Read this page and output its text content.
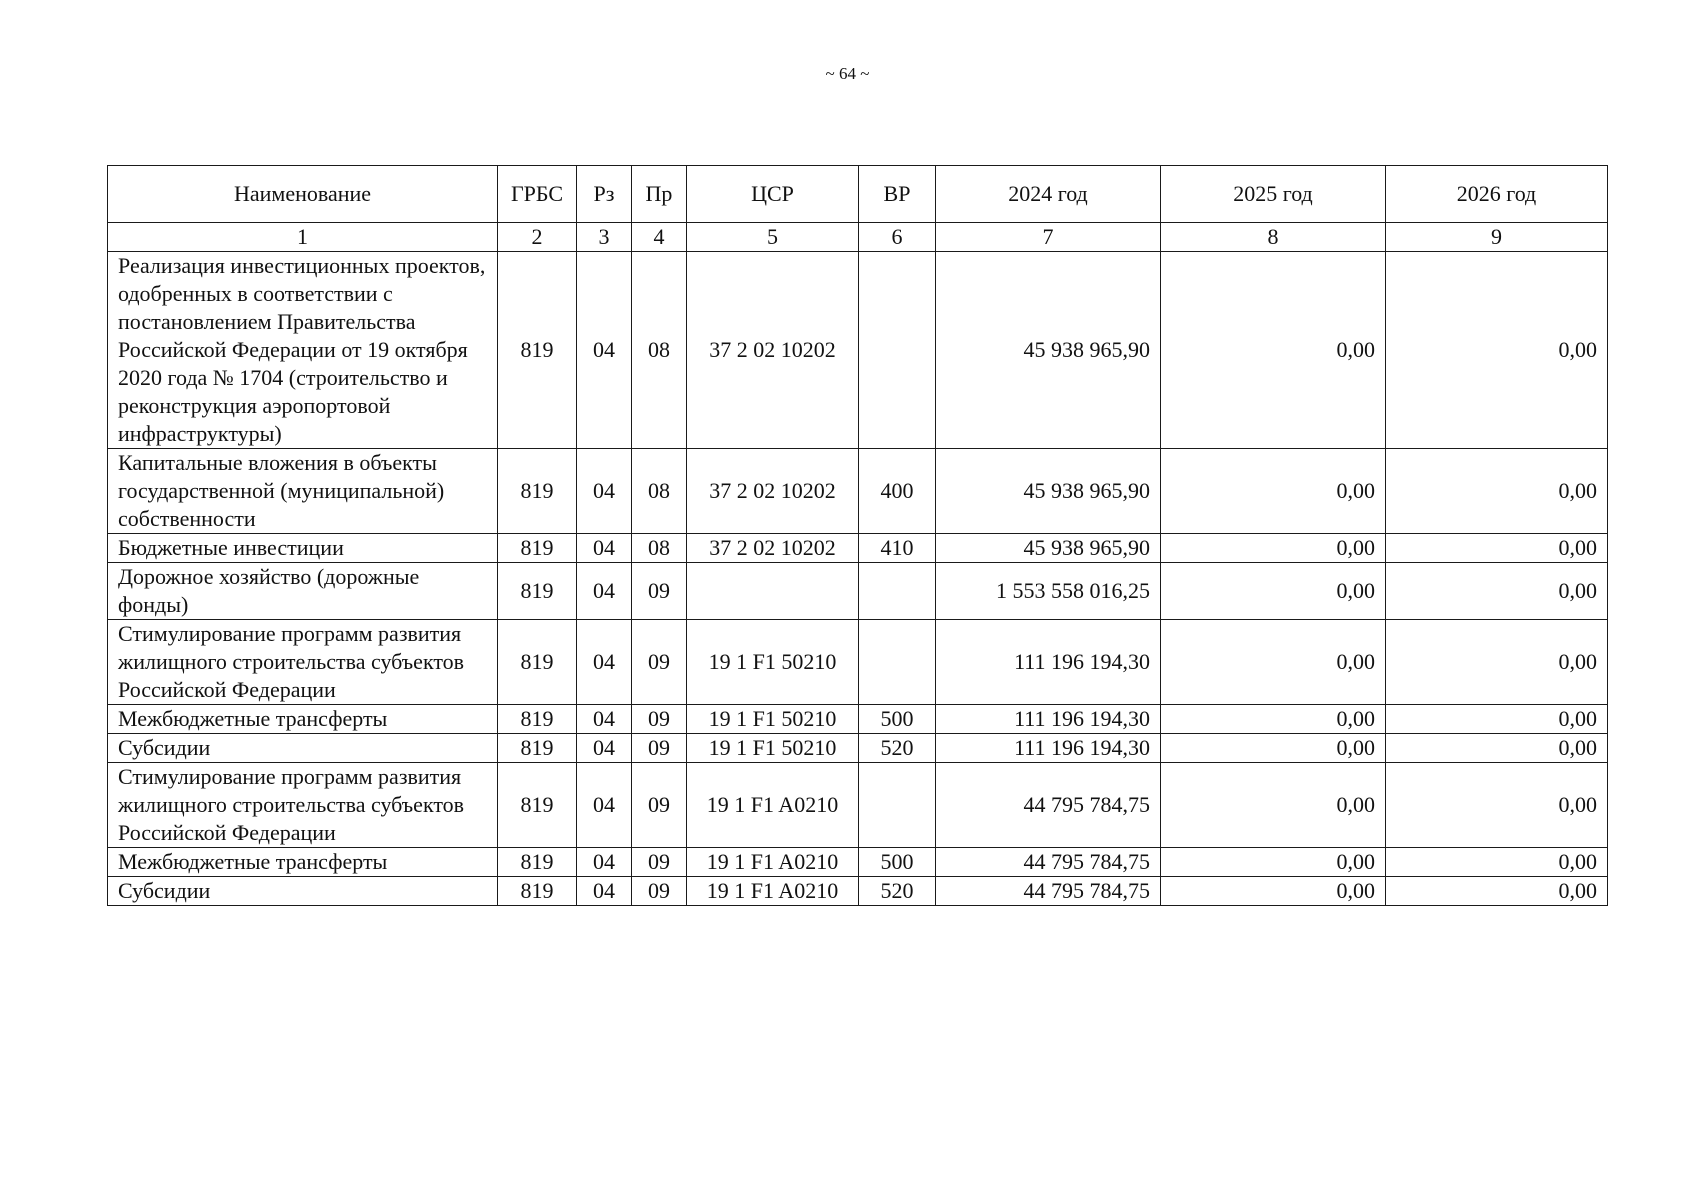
~ 64 ~
Наименование	ГРБС	Рз	Пр	ЦСР	ВР	2024 год	2025 год	2026 год
1	2	3	4	5	6	7	8	9
Реализация инвестиционных проектов, одобренных в соответствии с постановлением Правительства Российской Федерации от 19 октября 2020 года № 1704 (строительство и реконструкция аэропортовой инфраструктуры)	819	04	08	37 2 02 10202		45 938 965,90	0,00	0,00
Капитальные вложения в объекты государственной (муниципальной) собственности	819	04	08	37 2 02 10202	400	45 938 965,90	0,00	0,00
Бюджетные инвестиции	819	04	08	37 2 02 10202	410	45 938 965,90	0,00	0,00
Дорожное хозяйство (дорожные фонды)	819	04	09			1 553 558 016,25	0,00	0,00
Стимулирование программ развития жилищного строительства субъектов Российской Федерации	819	04	09	19 1 F1 50210		111 196 194,30	0,00	0,00
Межбюджетные трансферты	819	04	09	19 1 F1 50210	500	111 196 194,30	0,00	0,00
Субсидии	819	04	09	19 1 F1 50210	520	111 196 194,30	0,00	0,00
Стимулирование программ развития жилищного строительства субъектов Российской Федерации	819	04	09	19 1 F1 A0210		44 795 784,75	0,00	0,00
Межбюджетные трансферты	819	04	09	19 1 F1 A0210	500	44 795 784,75	0,00	0,00
Субсидии	819	04	09	19 1 F1 A0210	520	44 795 784,75	0,00	0,00
